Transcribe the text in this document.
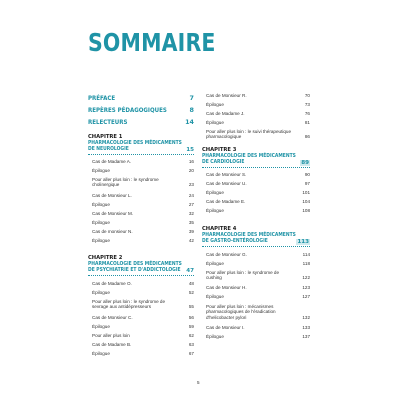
SOMMAIRE
PRÉFACE	7
REPÈRES PÉDAGOGIQUES	8
RELECTEURS	14
CHAPITRE 1
PHARMACOLOGIE DES MÉDICAMENTS
DE NEUROLOGIE	15
Cas de Madame A.	16
Épilogue	20
Pour aller plus loin : le syndrome cholinergique	23
Cas de Monsieur L.	24
Épilogue	27
Cas de Monsieur M.	32
Épilogue	35
Cas de monsieur N.	39
Épilogue	42
CHAPITRE 2
PHARMACOLOGIE DES MÉDICAMENTS
DE PSYCHIATRIE ET D'ADDICTOLOGIE 47
Cas de Madame O.	48
Épilogue	52
Pour aller plus loin : le syndrome de sevrage aux antidépresseurs	55
Cas de Monsieur C.	56
Épilogue	59
Pour aller plus loin	62
Cas de Madame B.	63
Épilogue	67
Cas de Monsieur R.	70
Épilogue	73
Cas de Madame J.	76
Épilogue	81
Pour aller plus loin : le suivi thérapeutique pharmacologique	86
CHAPITRE 3
PHARMACOLOGIE DES MÉDICAMENTS
DE CARDIOLOGIE	89
Cas de Monsieur S.	90
Cas de Monsieur U.	97
Épilogue	101
Cas de Madame E.	104
Épilogue	108
CHAPITRE 4
PHARMACOLOGIE DES MÉDICAMENTS
DE GASTRO-ENTÉROLOGIE	113
Cas de Monsieur G.	114
Épilogue	118
Pour aller plus loin : le syndrome de cushing	122
Cas de Monsieur H.	123
Épilogue	127
Pour aller plus loin : mécanismes pharmacologiques de l'éradication d'helicobacter pylori	132
Cas de Monsieur I.	133
Épilogue	137
5
